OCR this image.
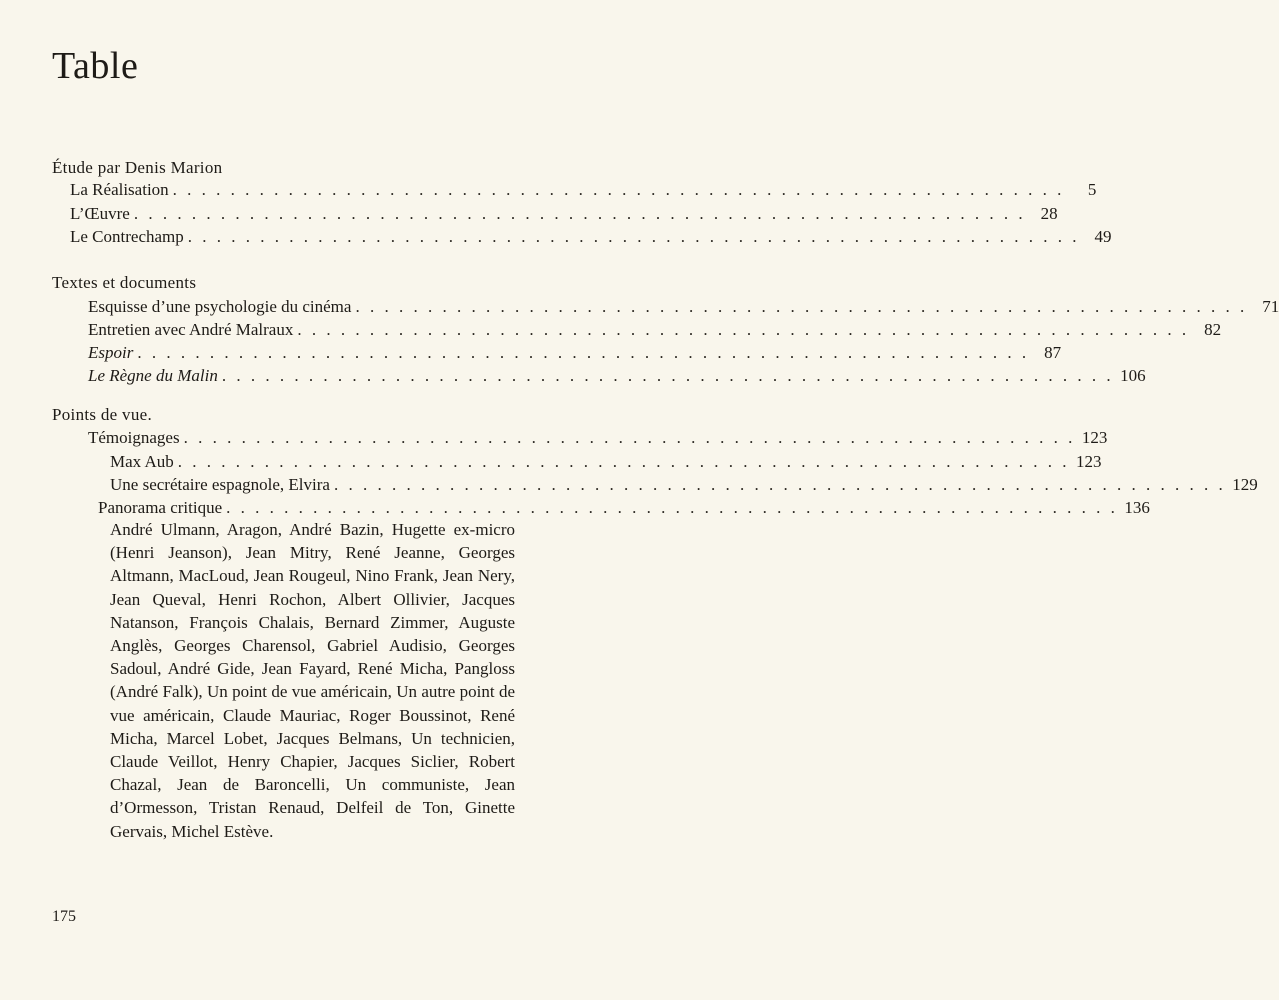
Table
Étude par Denis Marion
La Réalisation . . . . . . . . . . . . . . . . . . . . . . . . . . . . . . . . . . . . . . . . . . . . . . . . . . . . . . . . . . . . . .	5
L’Œuvre . . . . . . . . . . . . . . . . . . . . . . . . . . . . . . . . . . . . . . . . . . . . . . . . . . . . . . . . . . . . . . 28
Le Contrechamp . . . . . . . . . . . . . . . . . . . . . . . . . . . . . . . . . . . . . . . . . . . . . . . . . . . . . . . . . . . . . . 49
Textes et documents
Esquisse d’une psychologie du cinéma . . . . . . . . . . . . . . . . . . . . . . . . . . . . . . . . . . . . . . . . . . . . . . . . . . . . . . . . . . . . . . 71
Entretien avec André Malraux . . . . . . . . . . . . . . . . . . . . . . . . . . . . . . . . . . . . . . . . . . . . . . . . . . . . . . . . . . . . . . 82
Espoir . . . . . . . . . . . . . . . . . . . . . . . . . . . . . . . . . . . . . . . . . . . . . . . . . . . . . . . . . . . . . . 87
Le Règne du Malin . . . . . . . . . . . . . . . . . . . . . . . . . . . . . . . . . . . . . . . . . . . . . . . . . . . . . . . . . . . . . . 106
Points de vue.
Témoignages . . . . . . . . . . . . . . . . . . . . . . . . . . . . . . . . . . . . . . . . . . . . . . . . . . . . . . . . . . . . . . 123
Max Aub . . . . . . . . . . . . . . . . . . . . . . . . . . . . . . . . . . . . . . . . . . . . . . . . . . . . . . . . . . . . . . 123
Une secrétaire espagnole, Elvira . . . . . . . . . . . . . . . . . . . . . . . . . . . . . . . . . . . . . . . . . . . . . . . . . . . . . . . . . . . . . . 129
Panorama critique . . . . . . . . . . . . . . . . . . . . . . . . . . . . . . . . . . . . . . . . . . . . . . . . . . . . . . . . . . . . . . 136
André Ulmann, Aragon, André Bazin, Hugette ex-micro (Henri Jeanson), Jean Mitry, René Jeanne, Georges Altmann, MacLoud, Jean Rougeul, Nino Frank, Jean Nery, Jean Queval, Henri Rochon, Albert Ollivier, Jacques Natanson, François Chalais, Bernard Zimmer, Auguste Anglès, Georges Charensol, Gabriel Audisio, Georges Sadoul, André Gide, Jean Fayard, René Micha, Pangloss (André Falk), Un point de vue américain, Un autre point de vue américain, Claude Mauriac, Roger Boussinot, René Micha, Marcel Lobet, Jacques Belmans, Un technicien, Claude Veillot, Henry Chapier, Jacques Siclier, Robert Chazal, Jean de Baroncelli, Un communiste, Jean d’Ormesson, Tristan Renaud, Delfeil de Ton, Ginette Gervais, Michel Estève.
175
